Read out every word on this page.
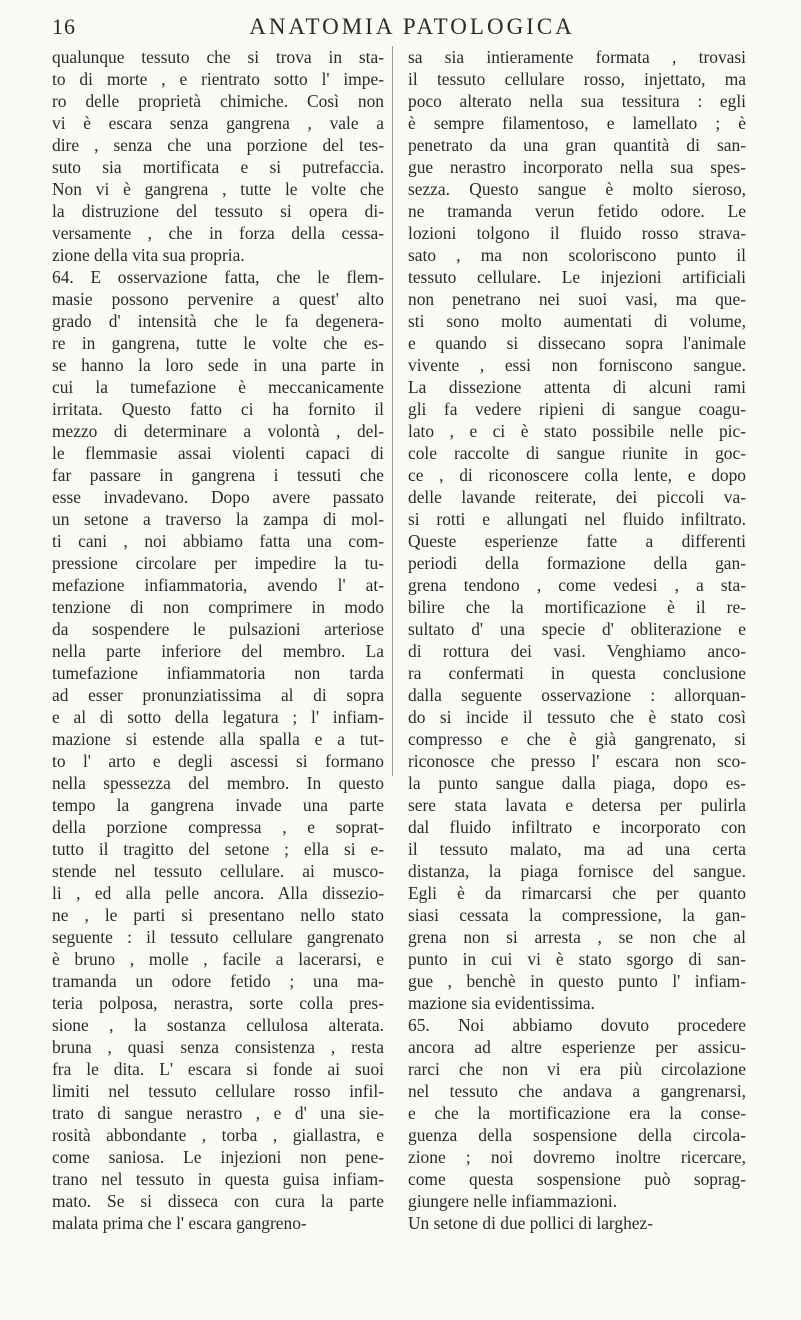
16	ANATOMIA PATOLOGICA
qualunque tessuto che si trova in sta-
to di morte , e rientrato sotto l' impe-
ro delle proprietà chimiche. Così non
vi è escara senza gangrena , vale a
dire , senza che una porzione del tes-
suto sia mortificata e si putrefaccia.
Non vi è gangrena , tutte le volte che
la distruzione del tessuto si opera di-
versamente , che in forza della cessa-
zione della vita sua propria.
64. E osservazione fatta, che le flem-
masie possono pervenire a quest' alto
grado d' intensità che le fa degenera-
re in gangrena, tutte le volte che es-
se hanno la loro sede in una parte in
cui la tumefazione è meccanicamente
irritata. Questo fatto ci ha fornito il
mezzo di determinare a volontà , del-
le flemmasie assai violenti capaci di
far passare in gangrena i tessuti che
esse invadevano. Dopo avere passato
un setone a traverso la zampa di mol-
ti cani , noi abbiamo fatta una com-
pressione circolare per impedire la tu-
mefazione infiammatoria, avendo l' at-
tenzione di non comprimere in modo
da sospendere le pulsazioni arteriose
nella parte inferiore del membro. La
tumefazione infiammatoria non tarda
ad esser pronunziatissima al di sopra
e al di sotto della legatura ; l' infiam-
mazione si estende alla spalla e a tut-
to l' arto e degli ascessi si formano
nella spessezza del membro. In questo
tempo la gangrena invade una parte
della porzione compressa , e soprat-
tutto il tragitto del setone ; ella si e-
stende nel tessuto cellulare. ai musco-
li , ed alla pelle ancora. Alla dissezio-
ne , le parti si presentano nello stato
seguente : il tessuto cellulare gangrenato
è bruno , molle , facile a lacerarsi, e
tramanda un odore fetido ; una ma-
teria polposa, nerastra, sorte colla pres-
sione , la sostanza cellulosa alterata.
bruna , quasi senza consistenza , resta
fra le dita. L' escara si fonde ai suoi
limiti nel tessuto cellulare rosso infil-
trato di sangue nerastro , e d' una sie-
rosità abbondante , torba , giallastra, e
come saniosa. Le injezioni non pene-
trano nel tessuto in questa guisa infiam-
mato. Se si disseca con cura la parte
malata prima che l' escara gangreno-
sa sia intieramente formata , trovasi
il tessuto cellulare rosso, injettato, ma
poco alterato nella sua tessitura : egli
è sempre filamentoso, e lamellato ; è
penetrato da una gran quantità di san-
gue nerastro incorporato nella sua spes-
sezza. Questo sangue è molto sieroso,
ne tramanda verun fetido odore. Le
lozioni tolgono il fluido rosso strava-
sato , ma non scoloriscono punto il
tessuto cellulare. Le injezioni artificiali
non penetrano nei suoi vasi, ma que-
sti sono molto aumentati di volume,
e quando si dissecano sopra l'animale
vivente , essi non forniscono sangue.
La dissezione attenta di alcuni rami
gli fa vedere ripieni di sangue coagu-
lato , e ci è stato possibile nelle pic-
cole raccolte di sangue riunite in goc-
ce , di riconoscere colla lente, e dopo
delle lavande reiterate, dei piccoli va-
si rotti e allungati nel fluido infiltrato.
Queste esperienze fatte a differenti
periodi della formazione della gan-
grena tendono , come vedesi , a sta-
bilire che la mortificazione è il re-
sultato d' una specie d' obliterazione e
di rottura dei vasi. Venghiamo anco-
ra confermati in questa conclusione
dalla seguente osservazione : allorquan-
do si incide il tessuto che è stato così
compresso e che è già gangrenato, si
riconosce che presso l' escara non sco-
la punto sangue dalla piaga, dopo es-
sere stata lavata e detersa per pulirla
dal fluido infiltrato e incorporato con
il tessuto malato, ma ad una certa
distanza, la piaga fornisce del sangue.
Egli è da rimarcarsi che per quanto
siasi cessata la compressione, la gan-
grena non si arresta , se non che al
punto in cui vi è stato sgorgo di san-
gue , benchè in questo punto l' infiam-
mazione sia evidentissima.
65. Noi abbiamo dovuto procedere
ancora ad altre esperienze per assicu-
rarci che non vi era più circolazione
nel tessuto che andava a gangrenarsi,
e che la mortificazione era la conse-
guenza della sospensione della circola-
zione ; noi dovremo inoltre ricercare,
come questa sospensione può soprag-
giungere nelle infiammazioni.
Un setone di due pollici di larghez-
